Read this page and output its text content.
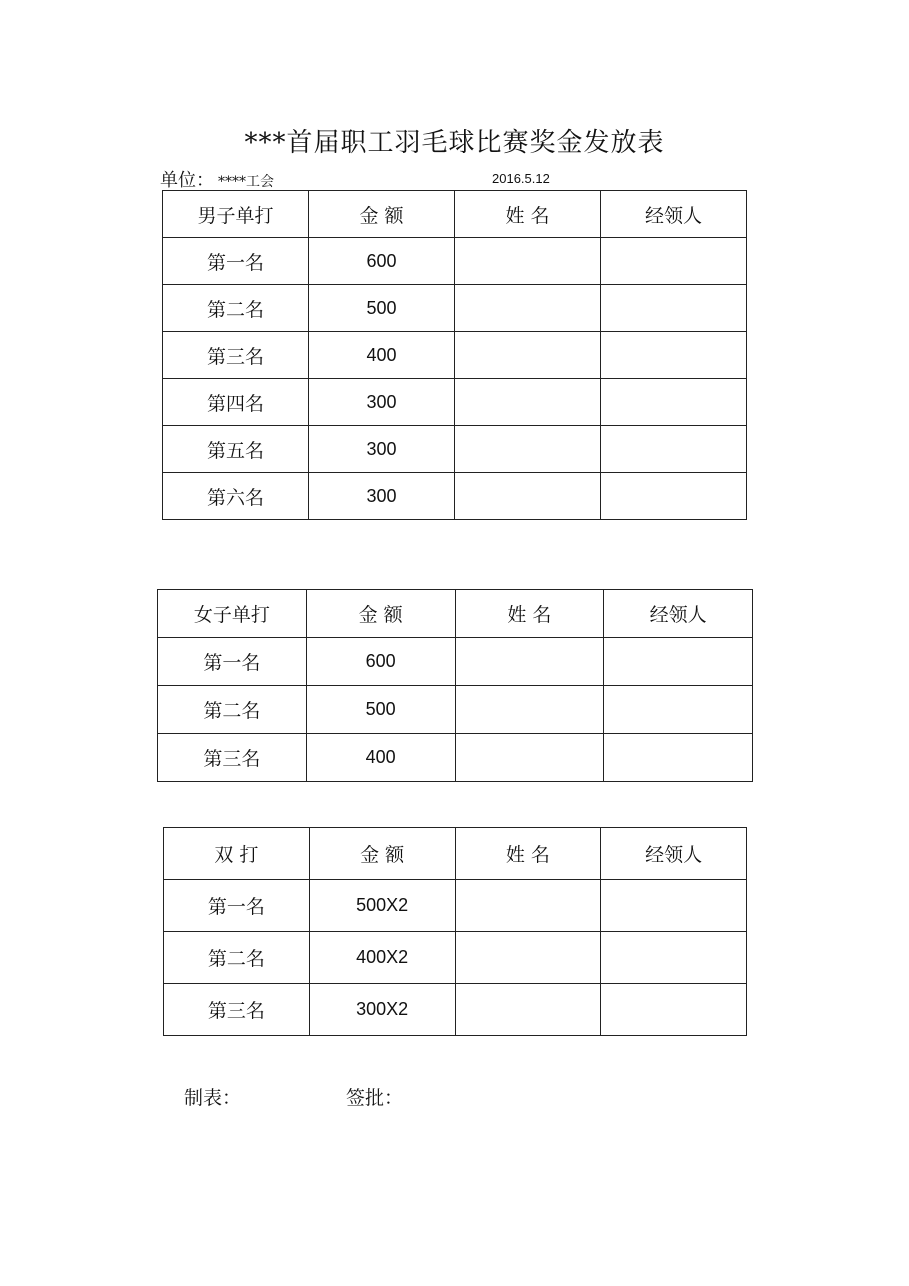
***首届职工羽毛球比赛奖金发放表
单位： ****工会	2016.5.12
男子单打	金 额	姓 名	经领人
第一名	600		
第二名	500		
第三名	400		
第四名	300		
第五名	300		
第六名	300		
女子单打	金 额	姓 名	经领人
第一名	600		
第二名	500		
第三名	400		
双 打	金 额	姓 名	经领人
第一名	500X2		
第二名	400X2		
第三名	300X2		
制表：	签批：
